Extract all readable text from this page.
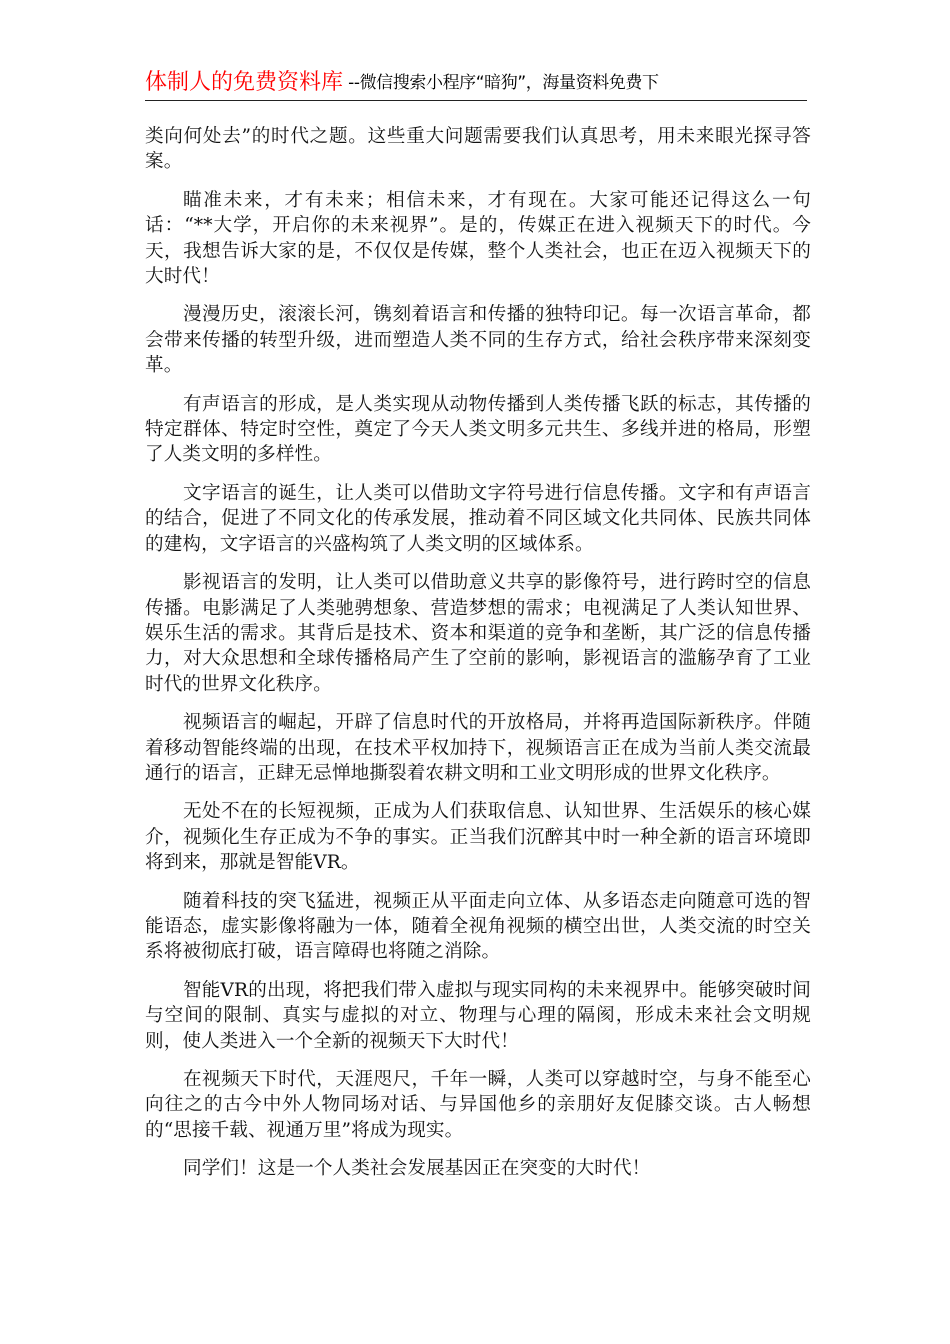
体制人的免费资料库 --微信搜索小程序“暗狗”，海量资料免费下

类向何处去”的时代之题。这些重大问题需要我们认真思考，用未来眼光探寻答案。

瞄准未来，才有未来；相信未来，才有现在。大家可能还记得这么一句话：“**大学，开启你的未来视界”。是的，传媒正在进入视频天下的时代。今天，我想告诉大家的是，不仅仅是传媒，整个人类社会，也正在迈入视频天下的大时代！

漫漫历史，滚滚长河，镌刻着语言和传播的独特印记。每一次语言革命，都会带来传播的转型升级，进而塑造人类不同的生存方式，给社会秩序带来深刻变革。

有声语言的形成，是人类实现从动物传播到人类传播飞跃的标志，其传播的特定群体、特定时空性，奠定了今天人类文明多元共生、多线并进的格局，形塑了人类文明的多样性。

文字语言的诞生，让人类可以借助文字符号进行信息传播。文字和有声语言的结合，促进了不同文化的传承发展，推动着不同区域文化共同体、民族共同体的建构，文字语言的兴盛构筑了人类文明的区域体系。

影视语言的发明，让人类可以借助意义共享的影像符号，进行跨时空的信息传播。电影满足了人类驰骋想象、营造梦想的需求；电视满足了人类认知世界、娱乐生活的需求。其背后是技术、资本和渠道的竞争和垄断，其广泛的信息传播力，对大众思想和全球传播格局产生了空前的影响，影视语言的滥觞孕育了工业时代的世界文化秩序。

视频语言的崛起，开辟了信息时代的开放格局，并将再造国际新秩序。伴随着移动智能终端的出现，在技术平权加持下，视频语言正在成为当前人类交流最通行的语言，正肆无忌惮地撕裂着农耕文明和工业文明形成的世界文化秩序。

无处不在的长短视频，正成为人们获取信息、认知世界、生活娱乐的核心媒介，视频化生存正成为不争的事实。正当我们沉醉其中时一种全新的语言环境即将到来，那就是智能VR。

随着科技的突飞猛进，视频正从平面走向立体、从多语态走向随意可选的智能语态，虚实影像将融为一体，随着全视角视频的横空出世，人类交流的时空关系将被彻底打破，语言障碍也将随之消除。

智能VR的出现，将把我们带入虚拟与现实同构的未来视界中。能够突破时间与空间的限制、真实与虚拟的对立、物理与心理的隔阂，形成未来社会文明规则，使人类进入一个全新的视频天下大时代！

在视频天下时代，天涯咫尺，千年一瞬，人类可以穿越时空，与身不能至心向往之的古今中外人物同场对话、与异国他乡的亲朋好友促膝交谈。古人畅想的“思接千载、视通万里”将成为现实。

同学们！这是一个人类社会发展基因正在突变的大时代！
